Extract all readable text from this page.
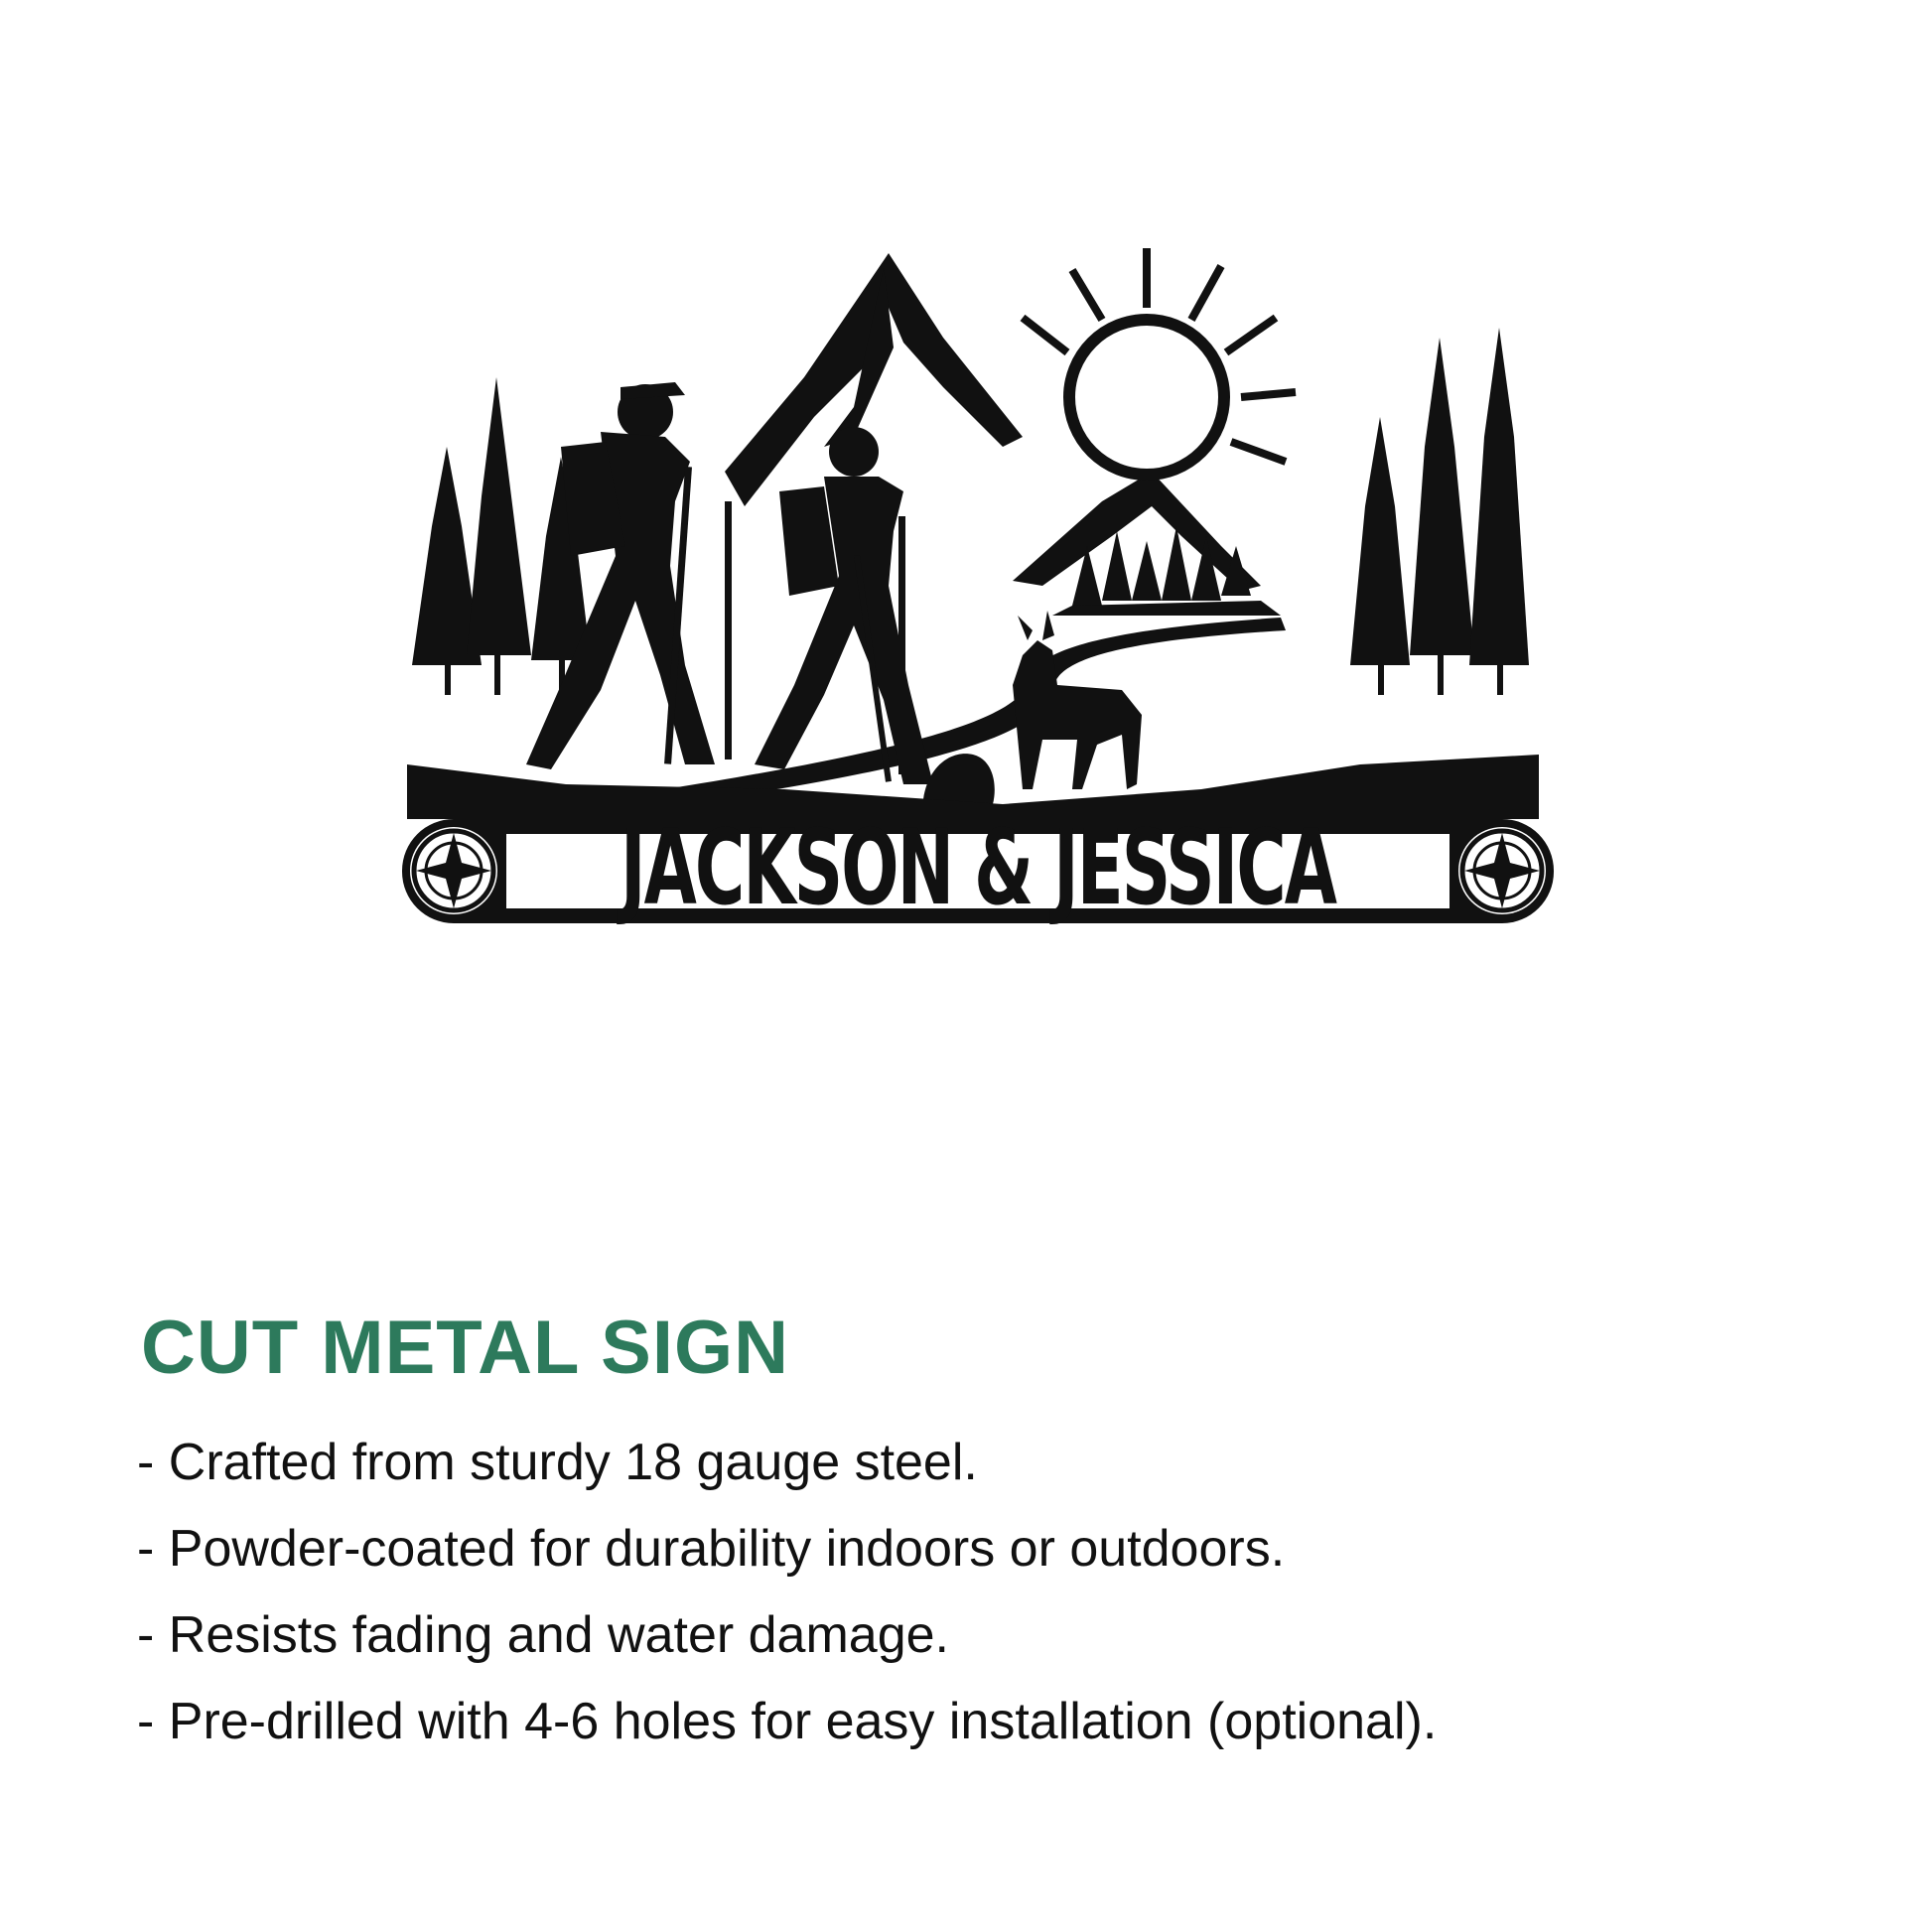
JACKSON & JESSICA
CUT METAL SIGN
- Crafted from sturdy 18 gauge steel.
- Powder-coated for durability indoors or outdoors.
- Resists fading and water damage.
- Pre-drilled with 4-6 holes for easy installation (optional).
